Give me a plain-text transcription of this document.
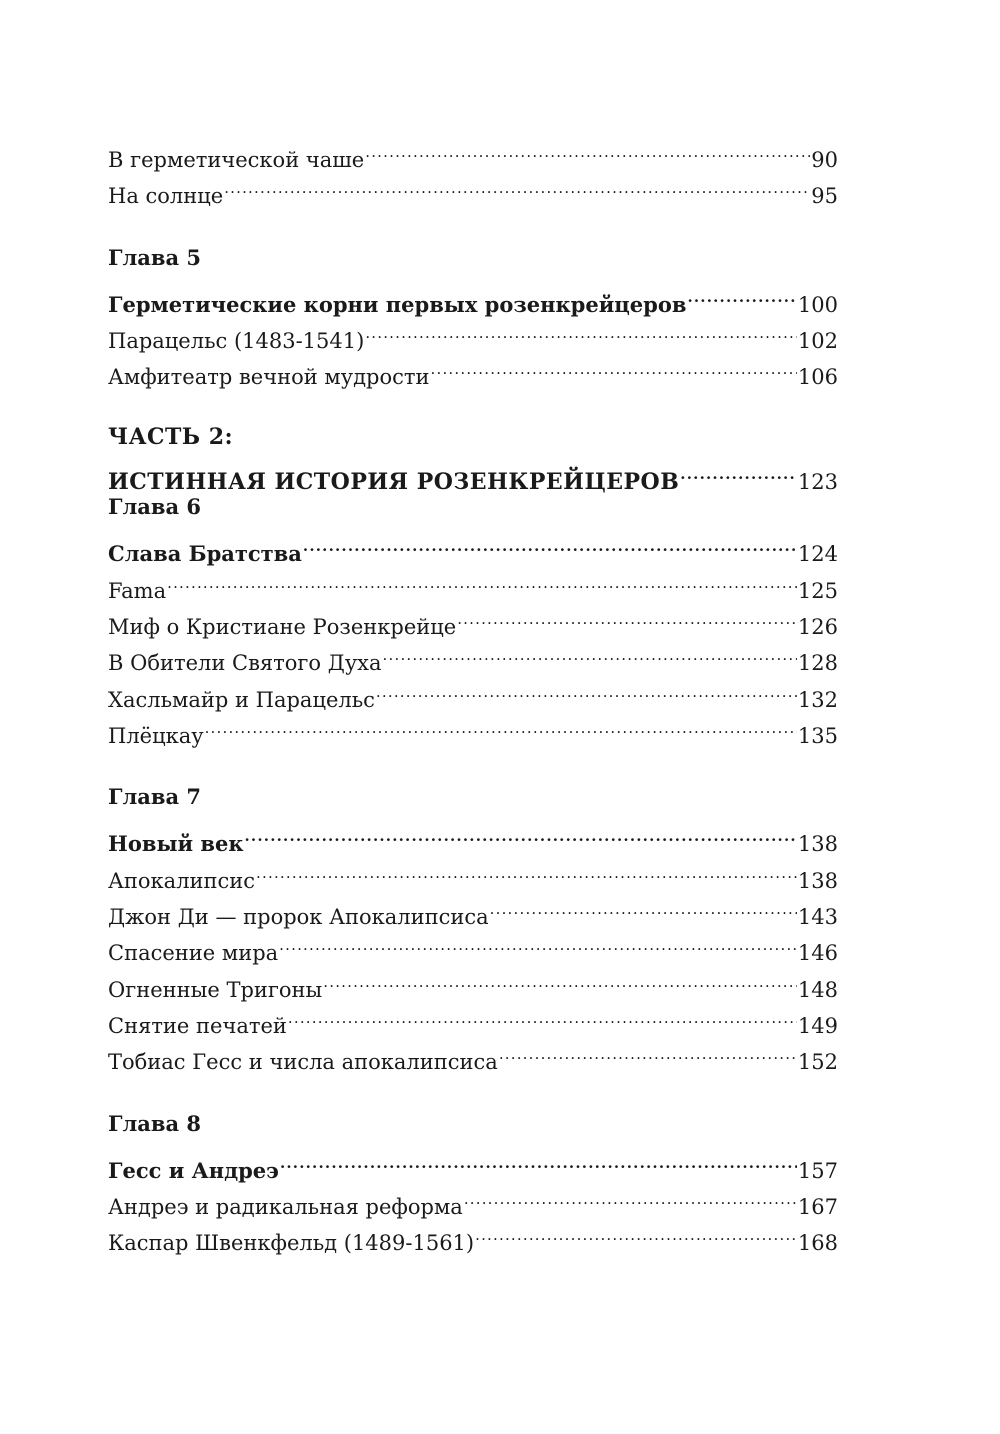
В герметической чаше .....	90
На солнце .....	95
Глава 5
Герметические корни первых розенкрейцеров .....	100
Парацельс (1483-1541) .....	102
Амфитеатр вечной мудрости .....	106
ЧАСТЬ 2:
ИСТИННАЯ ИСТОРИЯ РОЗЕНКРЕЙЦЕРОВ .....	123
Глава 6
Слава Братства .....	124
Fama .....	125
Миф о Кристиане Розенкрейце .....	126
В Обители Святого Духа .....	128
Хасльмайр и Парацельс .....	132
Плёцкау .....	135
Глава 7
Новый век .....	138
Апокалипсис .....	138
Джон Ди — пророк Апокалипсиса .....	143
Спасение мира .....	146
Огненные Тригоны .....	148
Снятие печатей .....	149
Тобиас Гесс и числа апокалипсиса .....	152
Глава 8
Гесс и Андреэ .....	157
Андреэ и радикальная реформа .....	167
Каспар Швенкфельд (1489-1561) .....	168
